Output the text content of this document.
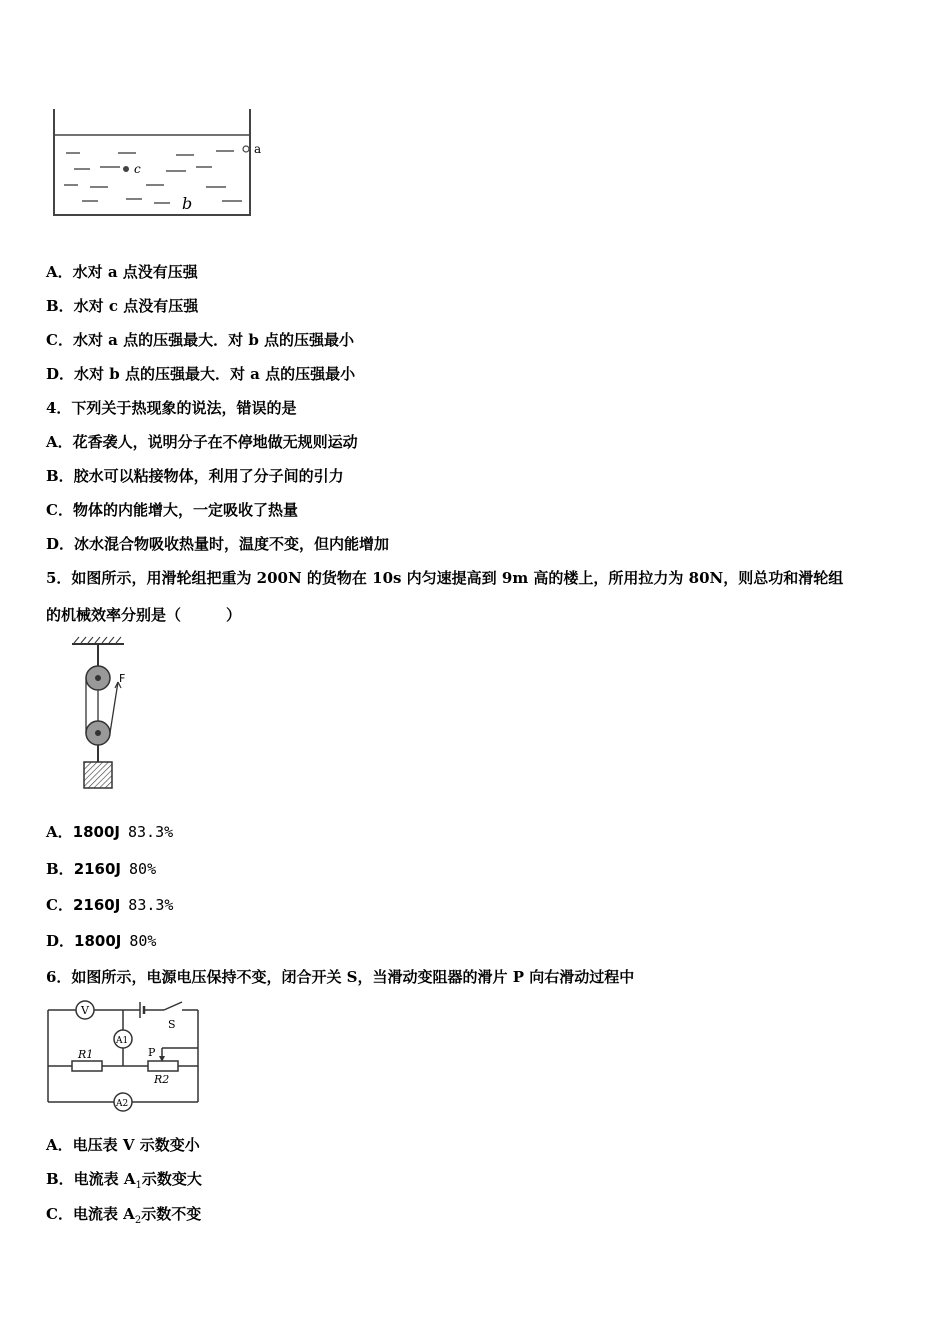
c
a
b
A．水对 a 点没有压强
B．水对 c 点没有压强
C．水对 a 点的压强最大．对 b 点的压强最小
D．水对 b 点的压强最大．对 a 点的压强最小
4．下列关于热现象的说法，错误的是
A．花香袭人，说明分子在不停地做无规则运动
B．胶水可以粘接物体，利用了分子间的引力
C．物体的内能增大，一定吸收了热量
D．冰水混合物吸收热量时，温度不变，但内能增加
5．如图所示，用滑轮组把重为 200N 的货物在 10s 内匀速提高到 9m 高的楼上，所用拉力为 80N，则总功和滑轮组
的机械效率分别是（　　　）
F
A．1800J 83.3%
B．2160J 80%
C．2160J 83.3%
D．1800J 80%
6．如图所示，电源电压保持不变，闭合开关 S，当滑动变阻器的滑片 P 向右滑动过程中
V
A1
A2
R1
R2
P
S
A．电压表 V 示数变小
B．电流表 $A_1$示数变大
C．电流表 $A_2$示数不变
